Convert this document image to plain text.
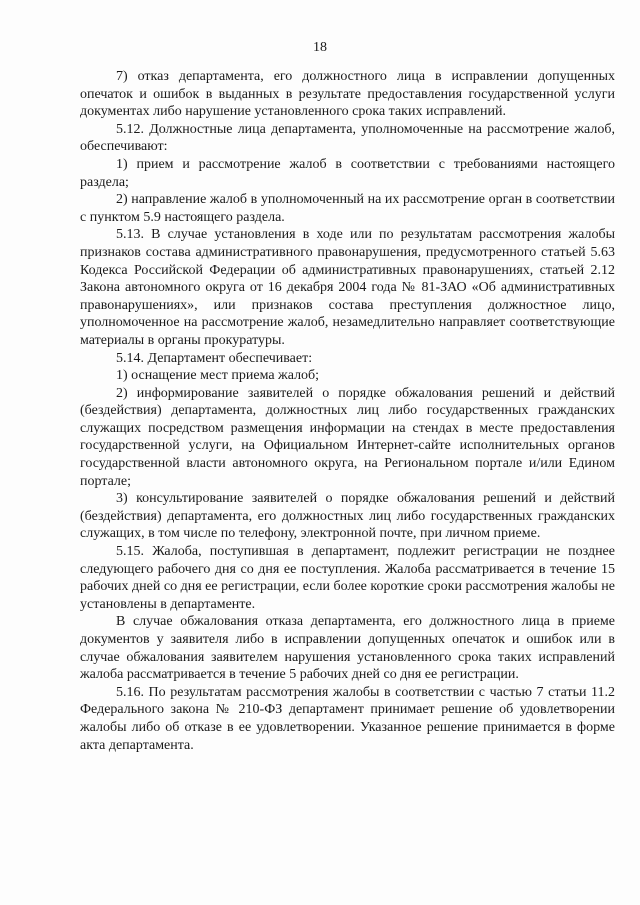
18

7) отказ департамента, его должностного лица в исправлении допущенных опечаток и ошибок в выданных в результате предоставления государственной услуги документах либо нарушение установленного срока таких исправлений.

5.12. Должностные лица департамента, уполномоченные на рассмотрение жалоб, обеспечивают:

1) прием и рассмотрение жалоб в соответствии с требованиями настоящего раздела;

2) направление жалоб в уполномоченный на их рассмотрение орган в соответствии с пунктом 5.9 настоящего раздела.

5.13. В случае установления в ходе или по результатам рассмотрения жалобы признаков состава административного правонарушения, предусмотренного статьей 5.63 Кодекса Российской Федерации об административных правонарушениях, статьей 2.12 Закона автономного округа от 16 декабря 2004 года № 81-ЗАО «Об административных правонарушениях», или признаков состава преступления должностное лицо, уполномоченное на рассмотрение жалоб, незамедлительно направляет соответствующие материалы в органы прокуратуры.

5.14. Департамент обеспечивает:

1) оснащение мест приема жалоб;

2) информирование заявителей о порядке обжалования решений и действий (бездействия) департамента, должностных лиц либо государственных гражданских служащих посредством размещения информации на стендах в месте предоставления государственной услуги, на Официальном Интернет-сайте исполнительных органов государственной власти автономного округа, на Региональном портале и/или Едином портале;

3) консультирование заявителей о порядке обжалования решений и действий (бездействия) департамента, его должностных лиц либо государственных гражданских служащих, в том числе по телефону, электронной почте, при личном приеме.

5.15. Жалоба, поступившая в департамент, подлежит регистрации не позднее следующего рабочего дня со дня ее поступления. Жалоба рассматривается в течение 15 рабочих дней со дня ее регистрации, если более короткие сроки рассмотрения жалобы не установлены в департаменте.

В случае обжалования отказа департамента, его должностного лица в приеме документов у заявителя либо в исправлении допущенных опечаток и ошибок или в случае обжалования заявителем нарушения установленного срока таких исправлений жалоба рассматривается в течение 5 рабочих дней со дня ее регистрации.

5.16. По результатам рассмотрения жалобы в соответствии с частью 7 статьи 11.2 Федерального закона № 210-ФЗ департамент принимает решение об удовлетворении жалобы либо об отказе в ее удовлетворении. Указанное решение принимается в форме акта департамента.
